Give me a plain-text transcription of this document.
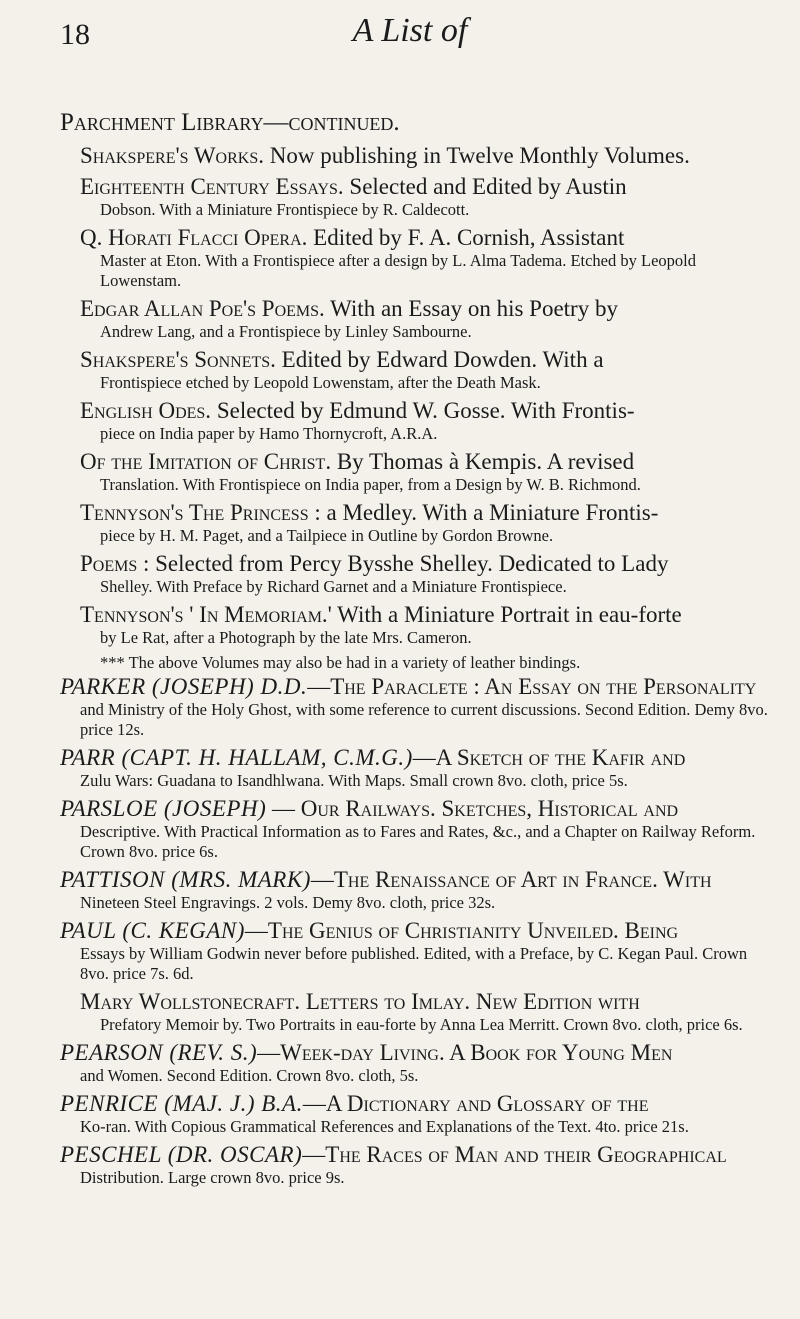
18	A List of
Parchment Library—continued.
Shakspere's Works. Now publishing in Twelve Monthly Volumes.
Eighteenth Century Essays. Selected and Edited by Austin
Dobson. With a Miniature Frontispiece by R. Caldecott.
Q. Horati Flacci Opera. Edited by F. A. Cornish, Assistant
Master at Eton. With a Frontispiece after a design by L. Alma Tadema. Etched by Leopold Lowenstam.
Edgar Allan Poe's Poems. With an Essay on his Poetry by
Andrew Lang, and a Frontispiece by Linley Sambourne.
Shakspere's Sonnets. Edited by Edward Dowden. With a
Frontispiece etched by Leopold Lowenstam, after the Death Mask.
English Odes. Selected by Edmund W. Gosse. With Frontis-
piece on India paper by Hamo Thornycroft, A.R.A.
Of the Imitation of Christ. By Thomas à Kempis. A revised
Translation. With Frontispiece on India paper, from a Design by W. B. Richmond.
Tennyson's The Princess : a Medley. With a Miniature Frontis-
piece by H. M. Paget, and a Tailpiece in Outline by Gordon Browne.
Poems : Selected from Percy Bysshe Shelley. Dedicated to Lady
Shelley. With Preface by Richard Garnet and a Miniature Frontispiece.
Tennyson's ' In Memoriam.' With a Miniature Portrait in eau-forte
by Le Rat, after a Photograph by the late Mrs. Cameron.
*** The above Volumes may also be had in a variety of leather bindings.
PARKER (JOSEPH) D.D.—The Paraclete : An Essay on the Personality
and Ministry of the Holy Ghost, with some reference to current discussions. Second Edition. Demy 8vo. price 12s.
PARR (CAPT. H. HALLAM, C.M.G.)—A Sketch of the Kafir and
Zulu Wars: Guadana to Isandhlwana. With Maps. Small crown 8vo. cloth, price 5s.
PARSLOE (JOSEPH) — Our Railways. Sketches, Historical and
Descriptive. With Practical Information as to Fares and Rates, &c., and a Chapter on Railway Reform. Crown 8vo. price 6s.
PATTISON (MRS. MARK)—The Renaissance of Art in France. With
Nineteen Steel Engravings. 2 vols. Demy 8vo. cloth, price 32s.
PAUL (C. KEGAN)—The Genius of Christianity Unveiled. Being
Essays by William Godwin never before published. Edited, with a Preface, by C. Kegan Paul. Crown 8vo. price 7s. 6d.
Mary Wollstonecraft. Letters to Imlay. New Edition with
Prefatory Memoir by. Two Portraits in eau-forte by Anna Lea Merritt. Crown 8vo. cloth, price 6s.
PEARSON (REV. S.)—Week-day Living. A Book for Young Men
and Women. Second Edition. Crown 8vo. cloth, 5s.
PENRICE (MAJ. J.) B.A.—A Dictionary and Glossary of the
Ko-ran. With Copious Grammatical References and Explanations of the Text. 4to. price 21s.
PESCHEL (DR. OSCAR)—The Races of Man and their Geographical
Distribution. Large crown 8vo. price 9s.
